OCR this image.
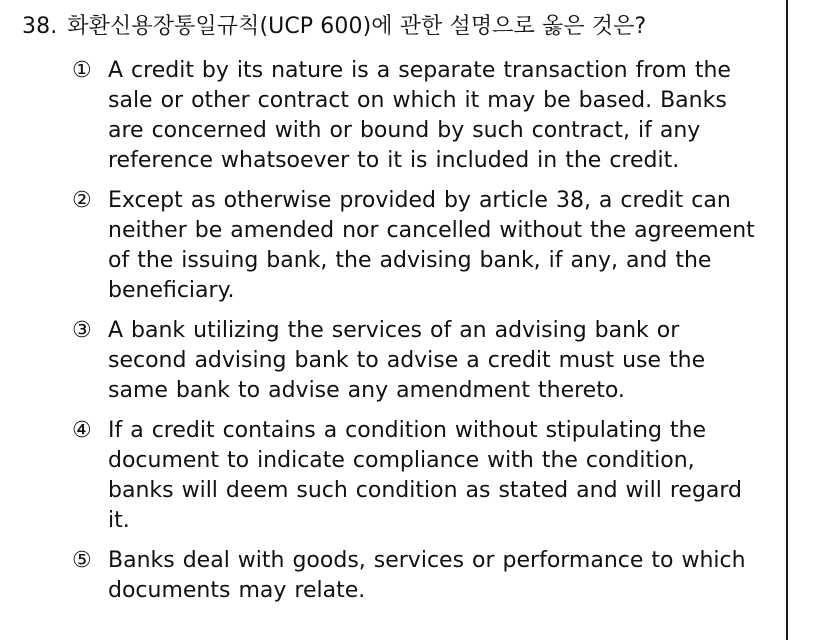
38. 화환신용장통일규칙(UCP 600)에 관한 설명으로 옳은 것은?
① A credit by its nature is a separate transaction from the sale or other contract on which it may be based. Banks are concerned with or bound by such contract, if any reference whatsoever to it is included in the credit.
② Except as otherwise provided by article 38, a credit can neither be amended nor cancelled without the agreement of the issuing bank, the advising bank, if any, and the beneficiary.
③ A bank utilizing the services of an advising bank or second advising bank to advise a credit must use the same bank to advise any amendment thereto.
④ If a credit contains a condition without stipulating the document to indicate compliance with the condition, banks will deem such condition as stated and will regard it.
⑤ Banks deal with goods, services or performance to which documents may relate.
